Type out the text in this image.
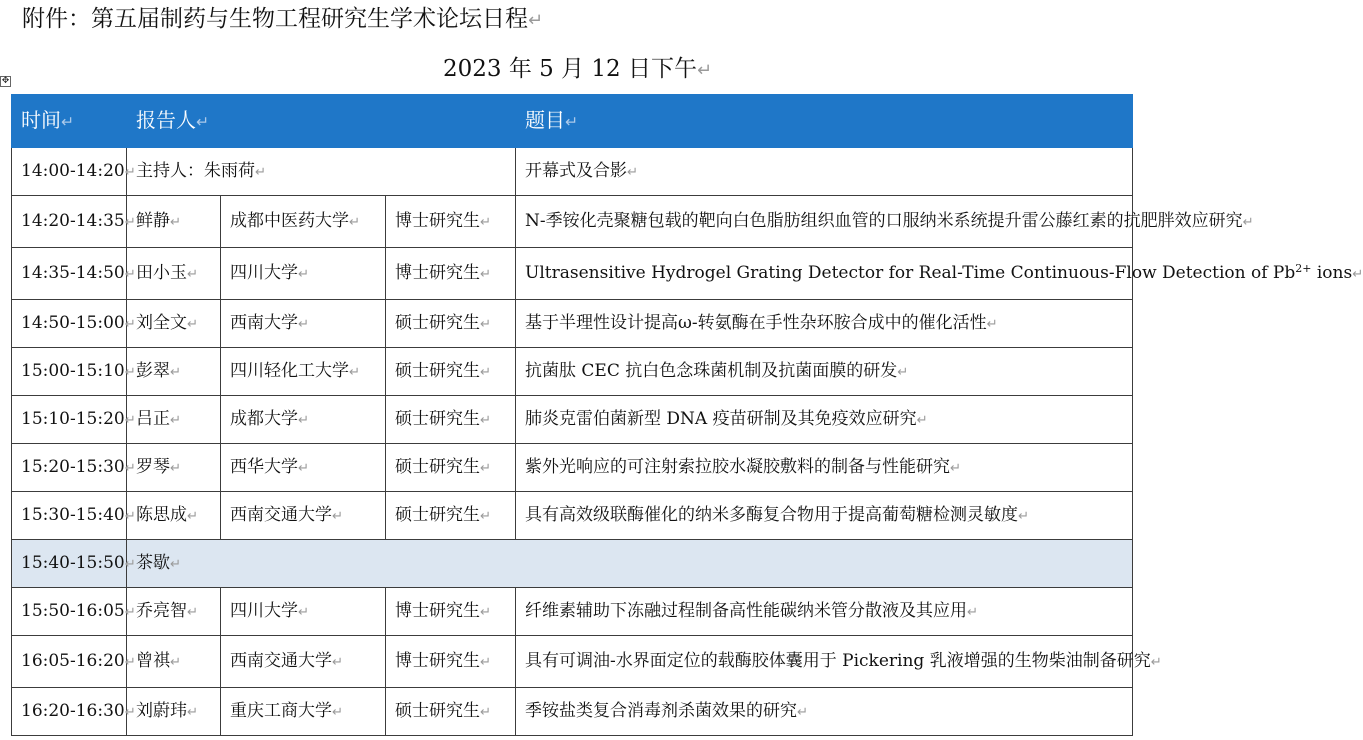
附件：第五届制药与生物工程研究生学术论坛日程↵
2023 年 5 月 12 日下午↵
✥
时间↵	报告人↵			题目↵
14:00-14:20↵	主持人：朱雨荷↵			开幕式及合影↵
14:20-14:35↵	鲜静↵	成都中医药大学↵	博士研究生↵	N-季铵化壳聚糖包载的靶向白色脂肪组织血管的口服纳米系统提升雷公藤红素的抗肥胖效应研究↵
14:35-14:50↵	田小玉↵	四川大学↵	博士研究生↵	Ultrasensitive Hydrogel Grating Detector for Real-Time Continuous-Flow Detection of $Pb^{2+}$ ions↵
14:50-15:00↵	刘全文↵	西南大学↵	硕士研究生↵	基于半理性设计提高ω-转氨酶在手性杂环胺合成中的催化活性↵
15:00-15:10↵	彭翠↵	四川轻化工大学↵	硕士研究生↵	抗菌肽 CEC 抗白色念珠菌机制及抗菌面膜的研发↵
15:10-15:20↵	吕正↵	成都大学↵	硕士研究生↵	肺炎克雷伯菌新型 DNA 疫苗研制及其免疫效应研究↵
15:20-15:30↵	罗琴↵	西华大学↵	硕士研究生↵	紫外光响应的可注射索拉胶水凝胶敷料的制备与性能研究↵
15:30-15:40↵	陈思成↵	西南交通大学↵	硕士研究生↵	具有高效级联酶催化的纳米多酶复合物用于提高葡萄糖检测灵敏度↵
15:40-15:50↵	茶歇↵			
15:50-16:05↵	乔亮智↵	四川大学↵	博士研究生↵	纤维素辅助下冻融过程制备高性能碳纳米管分散液及其应用↵
16:05-16:20↵	曾祺↵	西南交通大学↵	博士研究生↵	具有可调油-水界面定位的载酶胶体囊用于 Pickering 乳液增强的生物柴油制备研究↵
16:20-16:30↵	刘蔚玮↵	重庆工商大学↵	硕士研究生↵	季铵盐类复合消毒剂杀菌效果的研究↵
